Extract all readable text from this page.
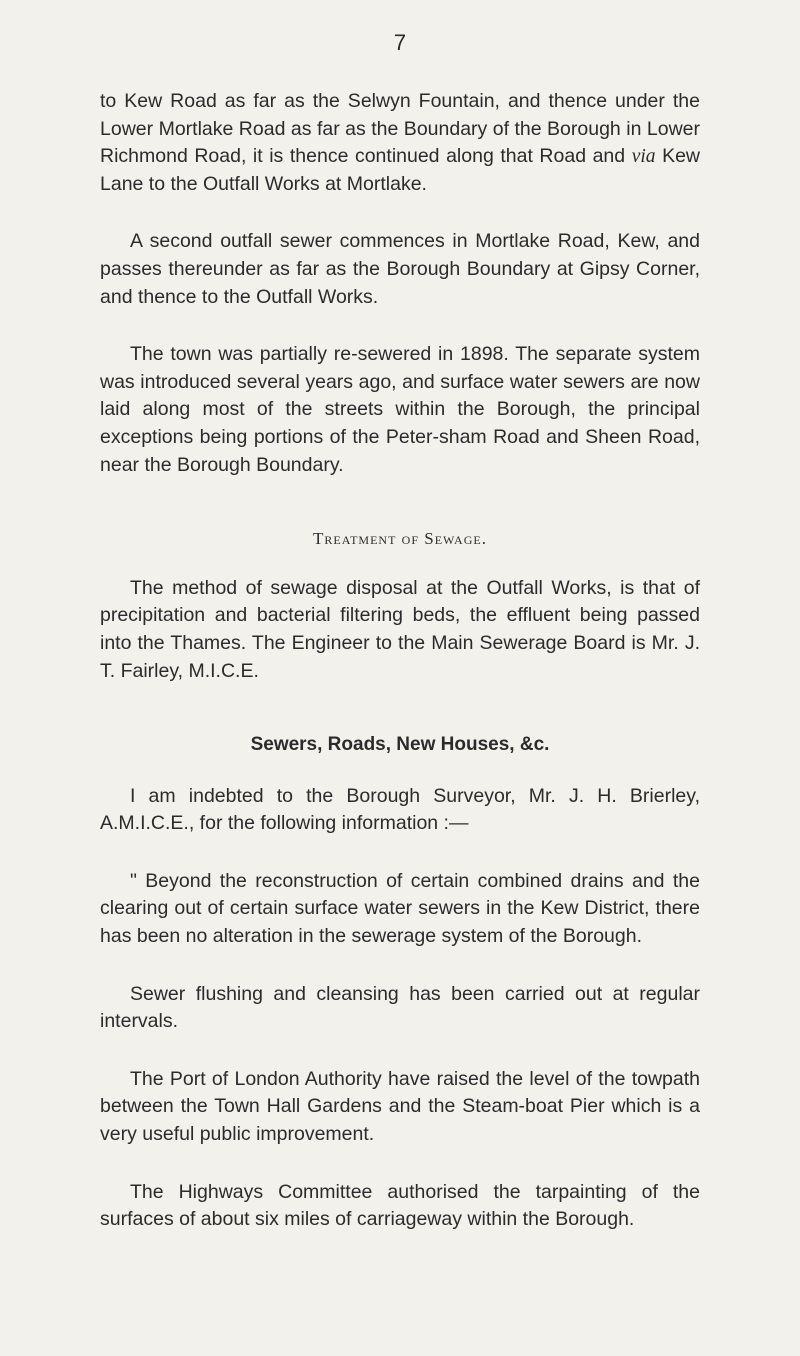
7

to Kew Road as far as the Selwyn Fountain, and thence under the Lower Mortlake Road as far as the Boundary of the Borough in Lower Richmond Road, it is thence continued along that Road and via Kew Lane to the Outfall Works at Mortlake.

A second outfall sewer commences in Mortlake Road, Kew, and passes thereunder as far as the Borough Boundary at Gipsy Corner, and thence to the Outfall Works.

The town was partially re-sewered in 1898. The separate system was introduced several years ago, and surface water sewers are now laid along most of the streets within the Borough, the principal exceptions being portions of the Peter-sham Road and Sheen Road, near the Borough Boundary.

Treatment of Sewage.

The method of sewage disposal at the Outfall Works, is that of precipitation and bacterial filtering beds, the effluent being passed into the Thames. The Engineer to the Main Sewerage Board is Mr. J. T. Fairley, M.I.C.E.

Sewers, Roads, New Houses, &c.

I am indebted to the Borough Surveyor, Mr. J. H. Brierley, A.M.I.C.E., for the following information :—

" Beyond the reconstruction of certain combined drains and the clearing out of certain surface water sewers in the Kew District, there has been no alteration in the sewerage system of the Borough.

Sewer flushing and cleansing has been carried out at regular intervals.

The Port of London Authority have raised the level of the towpath between the Town Hall Gardens and the Steam-boat Pier which is a very useful public improvement.

The Highways Committee authorised the tarpainting of the surfaces of about six miles of carriageway within the Borough.
